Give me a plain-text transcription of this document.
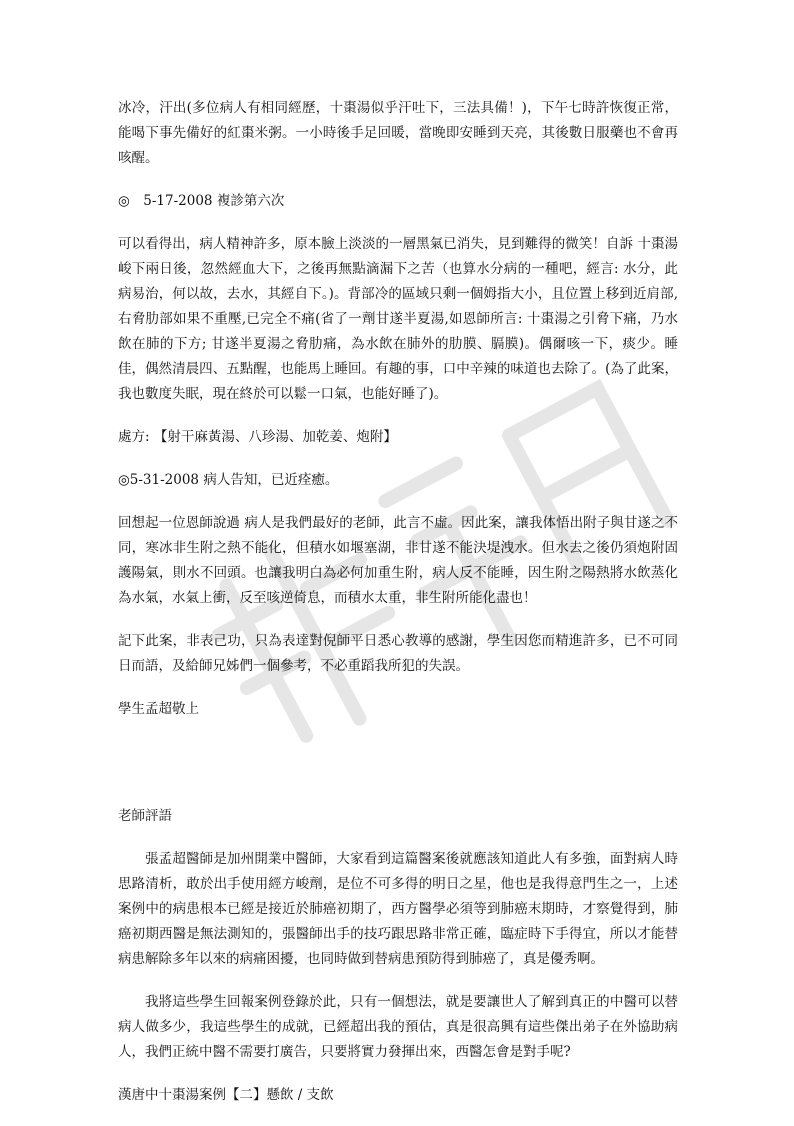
冰冷，汗出(多位病人有相同經歷，十棗湯似乎汗吐下，三法具備！)，下午七時許恢復正常，能喝下事先備好的紅棗米粥。一小時後手足回暖，當晚即安睡到天亮，其後數日服藥也不會再咳醒。

◎　5-17-2008 複診第六次

可以看得出，病人精神許多，原本臉上淡淡的一層黑氣已消失，見到難得的微笑！自訴 十棗湯峻下兩日後，忽然經血大下，之後再無點滴漏下之苦（也算水分病的一種吧，經言: 水分，此病易治，何以故，去水，其經自下。)。背部冷的區域只剩一個姆指大小，且位置上移到近肩部,右脅肋部如果不重壓,已完全不痛(省了一劑甘遂半夏湯,如恩師所言: 十棗湯之引脅下痛，乃水飲在肺的下方; 甘遂半夏湯之脅肋痛，為水飲在肺外的肋膜、膈膜)。偶爾咳一下，痰少。睡佳，偶然清晨四、五點醒，也能馬上睡回。有趣的事，口中辛辣的味道也去除了。(為了此案，我也數度失眠，現在終於可以鬆一口氣，也能好睡了)。

處方: 【射干麻黃湯、八珍湯、加乾姜、炮附】

◎5-31-2008 病人告知，已近痊癒。

回想起一位恩師說過 病人是我們最好的老師，此言不虛。因此案，讓我体悟出附子與甘遂之不同，寒冰非生附之熱不能化，但積水如堰塞湖，非甘遂不能決堤洩水。但水去之後仍須炮附固護陽氣，則水不回頭。也讓我明白為必何加重生附，病人反不能睡，因生附之陽熱將水飲蒸化為水氣，水氣上衝，反至咳逆倚息，而積水太重，非生附所能化盡也！

記下此案，非表己功，只為表達對倪師平日悉心教導的感謝，學生因您而精進許多，已不可同日而語，及給師兄姊們一個參考，不必重蹈我所犯的失誤。

學生孟超敬上

老師評語

張孟超醫師是加州開業中醫師，大家看到這篇醫案後就應該知道此人有多強，面對病人時思路清析，敢於出手使用經方峻劑，是位不可多得的明日之星，他也是我得意門生之一，上述案例中的病患根本已經是接近於肺癌初期了，西方醫學必須等到肺癌末期時，才察覺得到，肺癌初期西醫是無法測知的，張醫師出手的技巧跟思路非常正確，臨症時下手得宜，所以才能替病患解除多年以來的病痛困擾，也同時做到替病患預防得到肺癌了，真是優秀啊。

我將這些學生回報案例登錄於此，只有一個想法，就是要讓世人了解到真正的中醫可以替病人做多少，我這些學生的成就，已經超出我的預估，真是很高興有這些傑出弟子在外協助病人，我們正統中醫不需要打廣告，只要將實力發揮出來，西醫怎會是對手呢?

漢唐中十棗湯案例【二】懸飲 / 支飲
